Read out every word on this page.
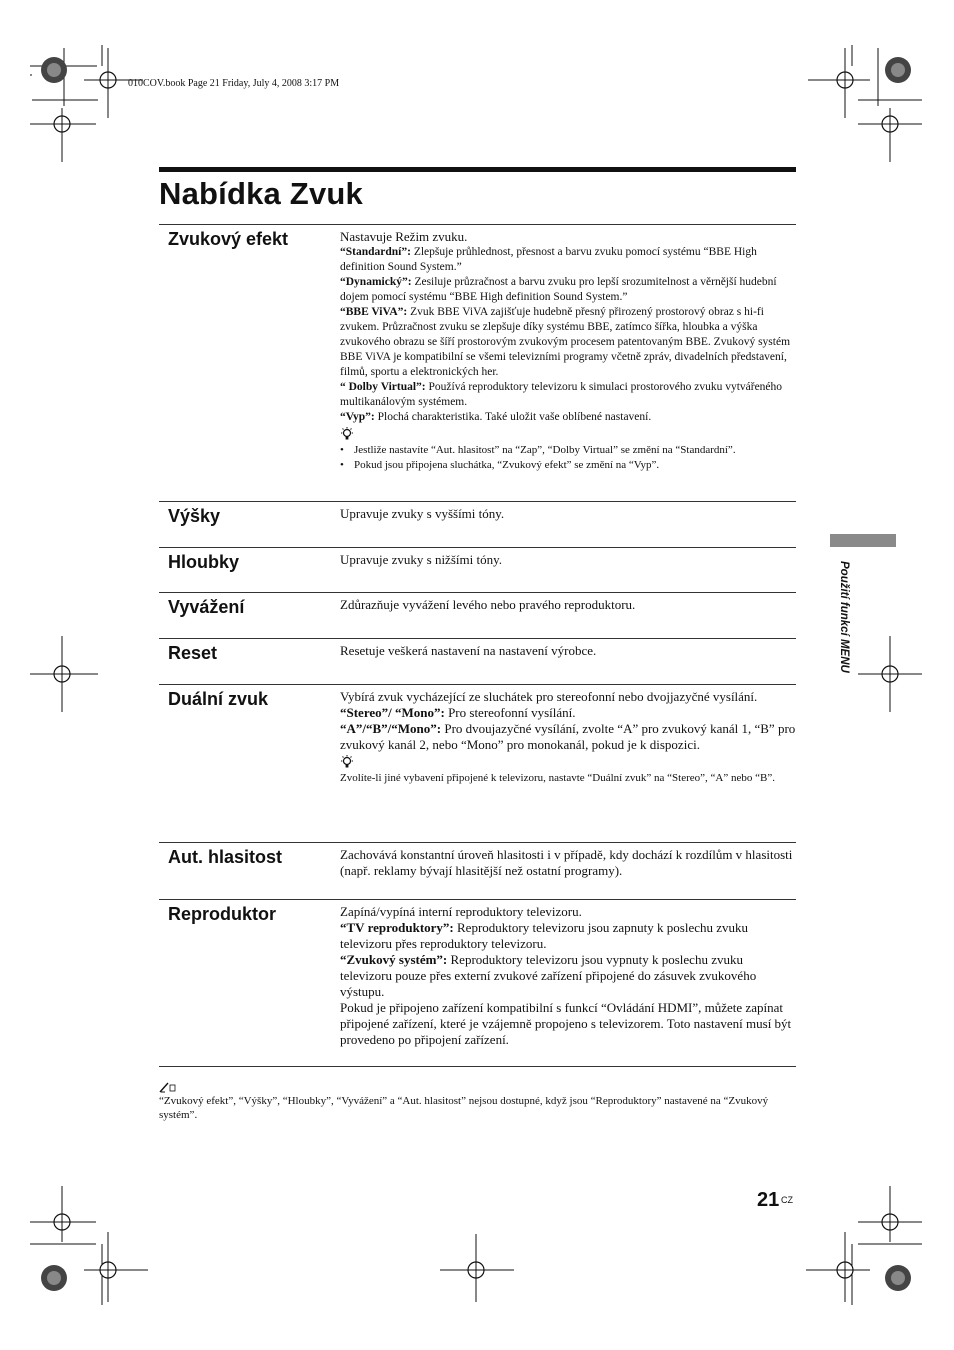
010COV.book Page 21 Friday, July 4, 2008 3:17 PM
Nabídka Zvuk
Zvukový efekt	Nastavuje Režim zvuku.
“Standardní”: Zlepšuje průhlednost, přesnost a barvu zvuku pomocí systému “BBE High definition Sound System.”
“Dynamický”: Zesiluje průzračnost a barvu zvuku pro lepší srozumitelnost a věrnější hudební dojem pomocí systému “BBE High definition Sound System.”
“BBE ViVA”: Zvuk BBE ViVA zajišťuje hudebně přesný přirozený prostorový obraz s hi-fi zvukem. Průzračnost zvuku se zlepšuje díky systému BBE, zatímco šířka, hloubka a výška zvukového obrazu se šíří prostorovým zvukovým procesem patentovaným BBE. Zvukový systém BBE ViVA je kompatibilní se všemi televizními programy včetně zpráv, divadelních představení, filmů, sportu a elektronických her.
“ Dolby Virtual”: Používá reproduktory televizoru k simulaci prostorového zvuku vytvářeného multikanálovým systémem.
“Vyp”: Plochá charakteristika. Také uložit vaše oblíbené nastavení.
• Jestliže nastavíte “Aut. hlasitost” na “Zap”, “Dolby Virtual” se změní na “Standardní”.
• Pokud jsou připojena sluchátka, “Zvukový efekt” se změní na “Vyp”.
Výšky	Upravuje zvuky s vyššími tóny.
Hloubky	Upravuje zvuky s nižšími tóny.
Vyvážení	Zdůrazňuje vyvážení levého nebo pravého reproduktoru.
Reset	Resetuje veškerá nastavení na nastavení výrobce.
Duální zvuk	Vybírá zvuk vycházející ze sluchátek pro stereofonní nebo dvojjazyčné vysílání.
“Stereo”/ “Mono”: Pro stereofonní vysílání.
“A”/“B”/“Mono”: Pro dvoujazyčné vysílání, zvolte “A” pro zvukový kanál 1, “B” pro zvukový kanál 2, nebo “Mono” pro monokanál, pokud je k dispozici.
Zvolíte-li jiné vybavení připojené k televizoru, nastavte “Duální zvuk” na “Stereo”, “A” nebo “B”.
Aut. hlasitost	Zachovává konstantní úroveň hlasitosti i v případě, kdy dochází k rozdílům v hlasitosti (např. reklamy bývají hlasitější než ostatní programy).
Reproduktor	Zapíná/vypíná interní reproduktory televizoru.
“TV reproduktory”: Reproduktory televizoru jsou zapnuty k poslechu zvuku televizoru přes reproduktory televizoru.
“Zvukový systém”: Reproduktory televizoru jsou vypnuty k poslechu zvuku televizoru pouze přes externí zvukové zařízení připojené do zásuvek zvukového výstupu.
Pokud je připojeno zařízení kompatibilní s funkcí “Ovládání HDMI”, můžete zapínat připojené zařízení, které je vzájemně propojeno s televizorem. Toto nastavení musí být provedeno po připojení zařízení.
“Zvukový efekt”, “Výšky”, “Hloubky”, “Vyvážení” a “Aut. hlasitost” nejsou dostupné, když jsou “Reproduktory” nastavené na “Zvukový systém”.
Použití funkcí MENU
21 CZ
